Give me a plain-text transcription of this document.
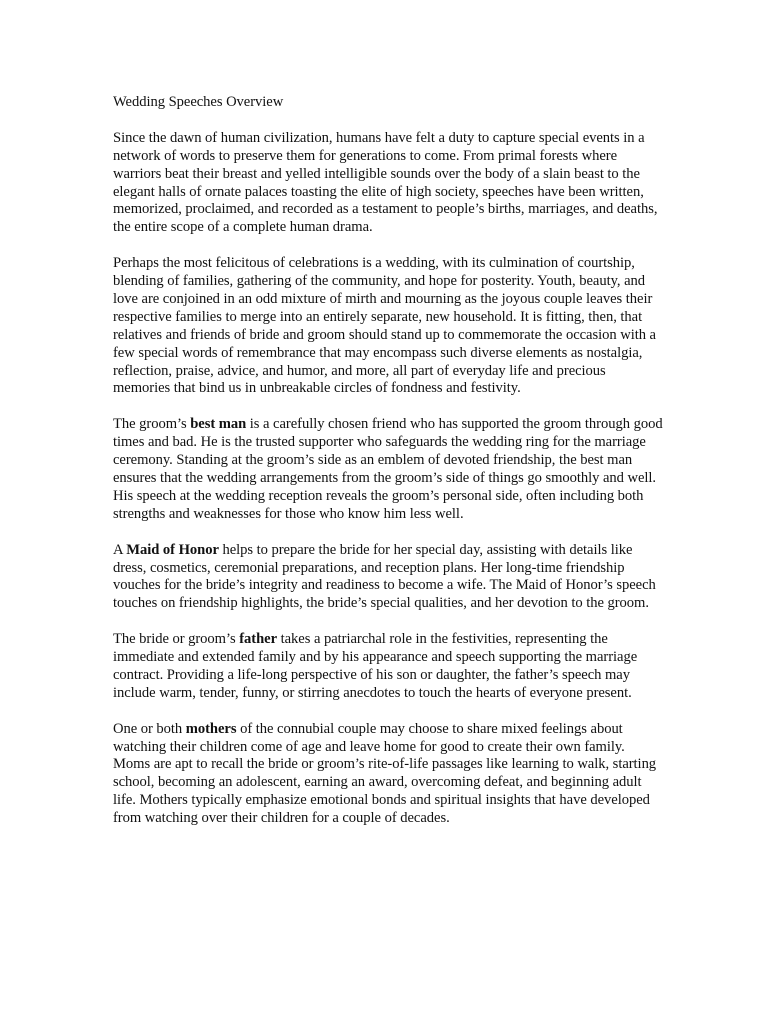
Wedding Speeches Overview

Since the dawn of human civilization, humans have felt a duty to capture special events in a network of words to preserve them for generations to come. From primal forests where warriors beat their breast and yelled intelligible sounds over the body of a slain beast to the elegant halls of ornate palaces toasting the elite of high society, speeches have been written, memorized, proclaimed, and recorded as a testament to people’s births, marriages, and deaths, the entire scope of a complete human drama.

Perhaps the most felicitous of celebrations is a wedding, with its culmination of courtship, blending of families, gathering of the community, and hope for posterity. Youth, beauty, and love are conjoined in an odd mixture of mirth and mourning as the joyous couple leaves their respective families to merge into an entirely separate, new household. It is fitting, then, that relatives and friends of bride and groom should stand up to commemorate the occasion with a few special words of remembrance that may encompass such diverse elements as nostalgia, reflection, praise, advice, and humor, and more, all part of everyday life and precious memories that bind us in unbreakable circles of fondness and festivity.

The groom’s best man is a carefully chosen friend who has supported the groom through good times and bad. He is the trusted supporter who safeguards the wedding ring for the marriage ceremony. Standing at the groom’s side as an emblem of devoted friendship, the best man ensures that the wedding arrangements from the groom’s side of things go smoothly and well. His speech at the wedding reception reveals the groom’s personal side, often including both strengths and weaknesses for those who know him less well.

A Maid of Honor helps to prepare the bride for her special day, assisting with details like dress, cosmetics, ceremonial preparations, and reception plans. Her long-time friendship vouches for the bride’s integrity and readiness to become a wife. The Maid of Honor’s speech touches on friendship highlights, the bride’s special qualities, and her devotion to the groom.

The bride or groom’s father takes a patriarchal role in the festivities, representing the immediate and extended family and by his appearance and speech supporting the marriage contract. Providing a life-long perspective of his son or daughter, the father’s speech may include warm, tender, funny, or stirring anecdotes to touch the hearts of everyone present.

One or both mothers of the connubial couple may choose to share mixed feelings about watching their children come of age and leave home for good to create their own family. Moms are apt to recall the bride or groom’s rite-of-life passages like learning to walk, starting school, becoming an adolescent, earning an award, overcoming defeat, and beginning adult life. Mothers typically emphasize emotional bonds and spiritual insights that have developed from watching over their children for a couple of decades.
